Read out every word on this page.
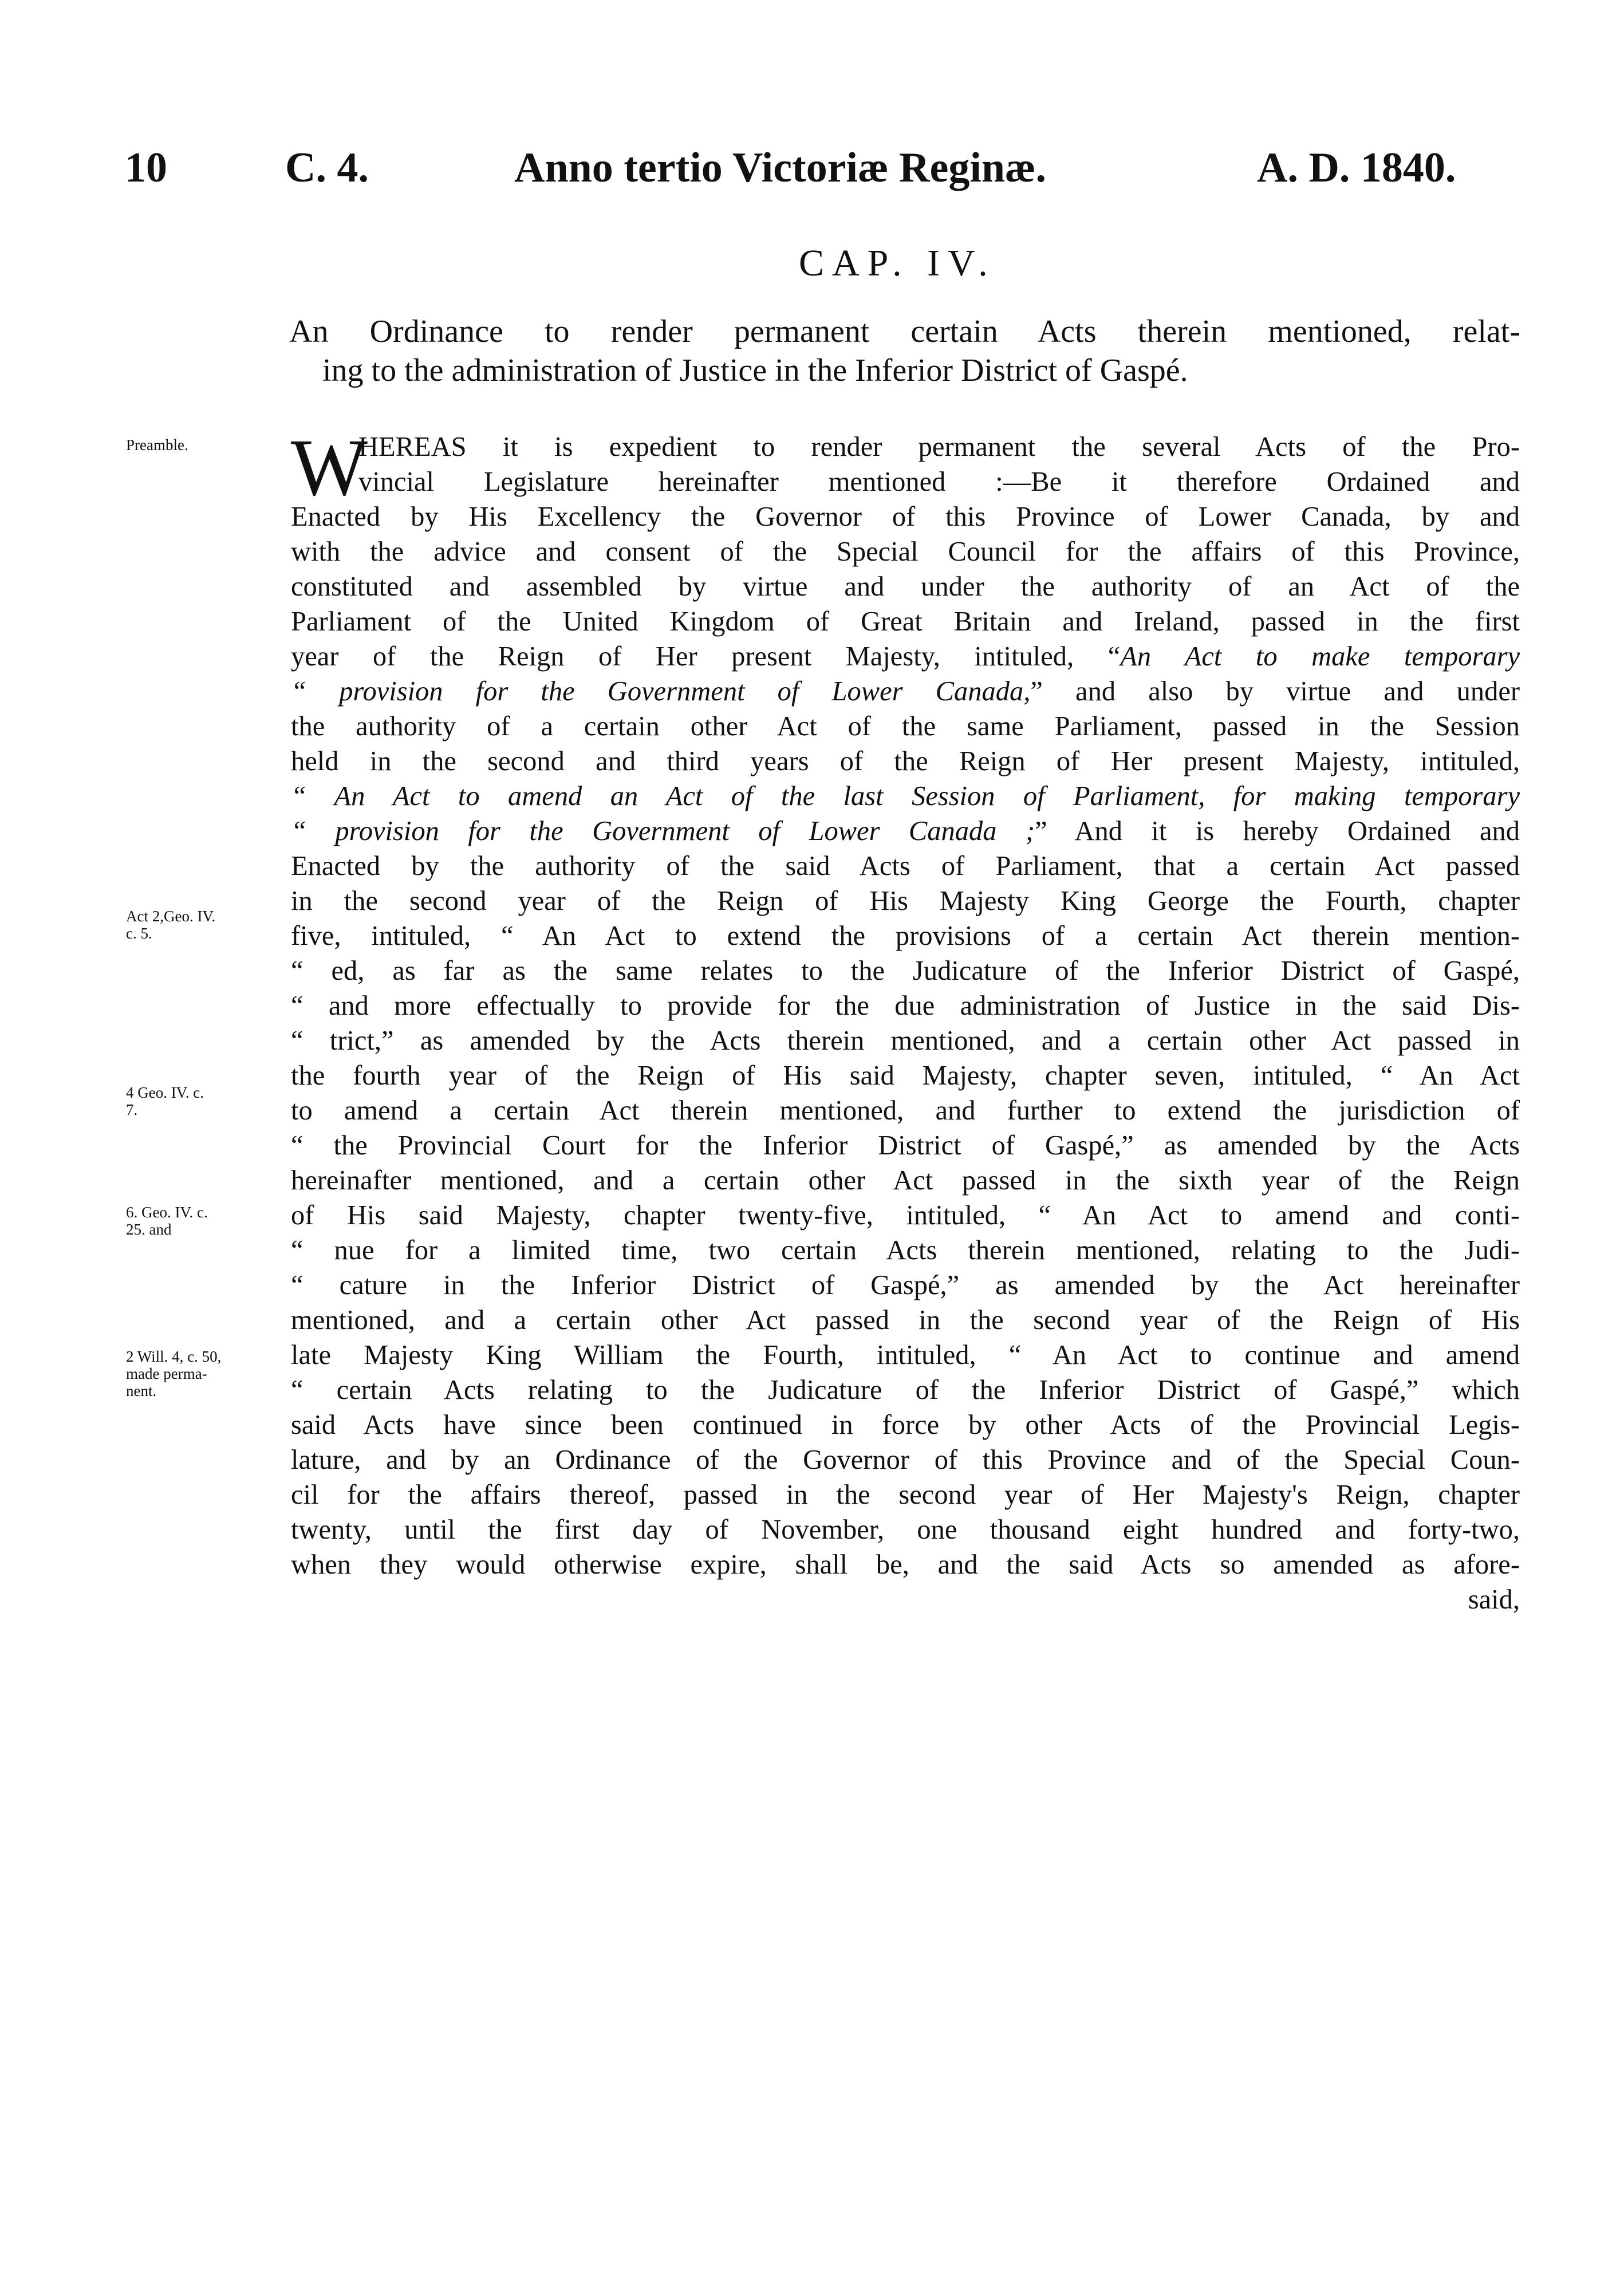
10	C. 4.	Anno tertio Victoriæ Reginæ.	A. D. 1840.
CAP. IV.
An Ordinance to render permanent certain Acts therein mentioned, relat-
ing to the administration of Justice in the Inferior District of Gaspé.
Preamble.
Act 2,Geo. IV.
c. 5.
4 Geo. IV. c.
7.
6. Geo. IV. c.
25. and
2 Will. 4, c. 50,
made perma-
nent.
W
HEREAS it is expedient to render permanent the several Acts of the Pro-
vincial Legislature hereinafter mentioned :—Be it therefore Ordained and
Enacted by His Excellency the Governor of this Province of Lower Canada, by and
with the advice and consent of the Special Council for the affairs of this Province,
constituted and assembled by virtue and under the authority of an Act of the
Parliament of the United Kingdom of Great Britain and Ireland, passed in the first
year of the Reign of Her present Majesty, intituled, “An Act to make temporary
“ provision for the Government of Lower Canada,” and also by virtue and under
the authority of a certain other Act of the same Parliament, passed in the Session
held in the second and third years of the Reign of Her present Majesty, intituled,
“ An Act to amend an Act of the last Session of Parliament, for making temporary
“ provision for the Government of Lower Canada ;” And it is hereby Ordained and
Enacted by the authority of the said Acts of Parliament, that a certain Act passed
in the second year of the Reign of His Majesty King George the Fourth, chapter
five, intituled, “ An Act to extend the provisions of a certain Act therein mention-
“ ed, as far as the same relates to the Judicature of the Inferior District of Gaspé,
“ and more effectually to provide for the due administration of Justice in the said Dis-
“ trict,” as amended by the Acts therein mentioned, and a certain other Act passed in
the fourth year of the Reign of His said Majesty, chapter seven, intituled, “ An Act
to amend a certain Act therein mentioned, and further to extend the jurisdiction of
“ the Provincial Court for the Inferior District of Gaspé,” as amended by the Acts
hereinafter mentioned, and a certain other Act passed in the sixth year of the Reign
of His said Majesty, chapter twenty-five, intituled, “ An Act to amend and conti-
“ nue for a limited time, two certain Acts therein mentioned, relating to the Judi-
“ cature in the Inferior District of Gaspé,” as amended by the Act hereinafter
mentioned, and a certain other Act passed in the second year of the Reign of His
late Majesty King William the Fourth, intituled, “ An Act to continue and amend
“ certain Acts relating to the Judicature of the Inferior District of Gaspé,” which
said Acts have since been continued in force by other Acts of the Provincial Legis-
lature, and by an Ordinance of the Governor of this Province and of the Special Coun-
cil for the affairs thereof, passed in the second year of Her Majesty's Reign, chapter
twenty, until the first day of November, one thousand eight hundred and forty-two,
when they would otherwise expire, shall be, and the said Acts so amended as afore-
said,
